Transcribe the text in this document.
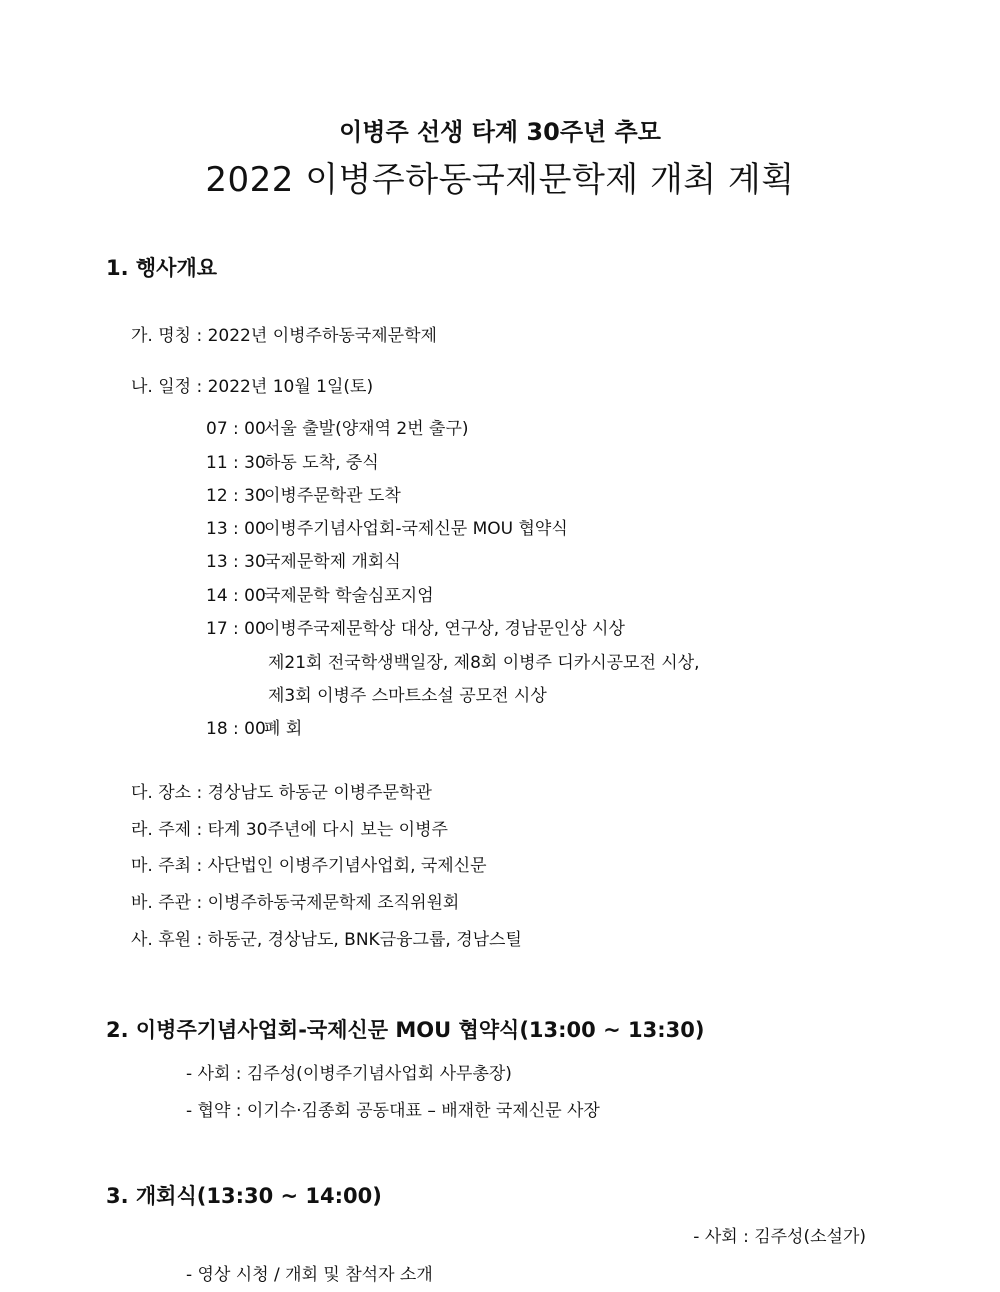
이병주 선생 타계 30주년 추모
2022 이병주하동국제문학제 개최 계획
1. 행사개요
가. 명칭 : 2022년 이병주하동국제문학제
나. 일정 : 2022년 10월 1일(토)
07 : 00서울 출발(양재역 2번 출구)
11 : 30하동 도착, 중식
12 : 30이병주문학관 도착
13 : 00이병주기념사업회-국제신문 MOU 협약식
13 : 30국제문학제 개회식
14 : 00국제문학 학술심포지엄
17 : 00이병주국제문학상 대상, 연구상, 경남문인상 시상
제21회 전국학생백일장, 제8회 이병주 디카시공모전 시상,
제3회 이병주 스마트소설 공모전 시상
18 : 00폐 회
다. 장소 : 경상남도 하동군 이병주문학관
라. 주제 : 타계 30주년에 다시 보는 이병주
마. 주최 : 사단법인 이병주기념사업회, 국제신문
바. 주관 : 이병주하동국제문학제 조직위원회
사. 후원 : 하동군, 경상남도, BNK금융그룹, 경남스틸
2. 이병주기념사업회-국제신문 MOU 협약식(13:00 ~ 13:30)
- 사회 : 김주성(이병주기념사업회 사무총장)
- 협약 : 이기수·김종회 공동대표 – 배재한 국제신문 사장
3. 개회식(13:30 ~ 14:00)
- 사회 : 김주성(소설가)
- 영상 시청 / 개회 및 참석자 소개
